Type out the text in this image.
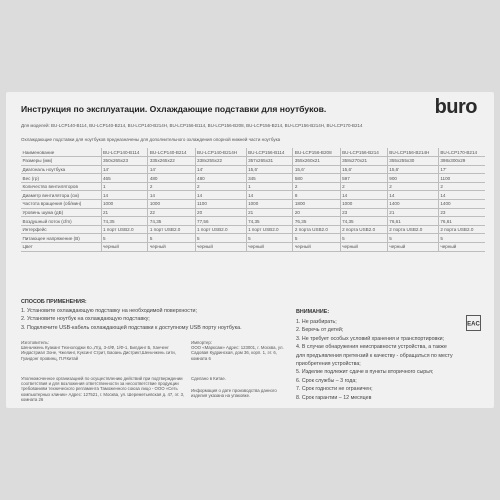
Инструкция по эксплуатации. Охлаждающие подставки для ноутбуков.	buro
Для моделей: BU-LCP140-B114, BU-LCP140-B214, BU-LCP140-B214H, BU-LCP156-B114, BU-LCP156-B208, BU-LCP156-B214, BU-LCP156-B214H, BU-LCP170-B214
Охлаждающие подставки для ноутбуков предназначены для дополнительного охлаждения опорной нижней части ноутбука
Наименование	BU-LCP140-B114	BU-LCP140-B214	BU-LCP140-B214H	BU-LCP156-B114	BU-LCP156-B208	BU-LCP156-B214	BU-LCP156-B214H	BU-LCP170-B214
Размеры (мм)	350x265x23	335x265x22	338x255x22	357x265x31	355x260x21	358x270x21	355x255x30	398x300x29
Диагональ ноутбука	14'	14'	14'	15,6'	15,6'	15,6'	15,6'	17'
Вес (гр)	465	480	480	345	580	597	900	1100
Количество вентиляторов	1	2	2	1	2	2	2	2
Диаметр вентилятора (см)	14	14	14	14	8	14	14	14
Частота вращения (об/мин)	1000	1000	1100	1000	1800	1000	1400	1400
Уровень шума (дБ)	21	22	20	21	20	23	21	23
Воздушный поток (cfm)	74,35	74,35	77,56	74,35	76,35	74,35	76,61	76,61
Интерфейс	1 порт USB2.0	1 порт USB2.0	1 порт USB2.0	1 порт USB2.0	2 порта USB2.0	2 порта USB2.0	2 порта USB2.0	2 порта USB2.0
Питающее напряжение (В)	5	5	5	5	5	5	5	5
Цвет	черный	черный	черный	черный	черный	черный	черный	черный
СПОСОБ ПРИМЕНЕНИЯ:
1. Установите охлаждающую подставку на необходимой поверхности;
2. Установите ноутбук на охлаждающую подставку;
3. Подключите USB-кабель охлаждающей подставки к доступному USB порту ноутбука.
Изготовитель:
Шеньчжень Куаканг Технолоджи Ко.,Лтд. 3-4/Ф, 1/Ф-1, Билдинг Б, Ханченг Индастриал Зоне, Чжелинг, Куксинг Стрит, Баоань Дистрикт,Шеньчжень сити, Гуандонг провинц, П.Р.Китай
Импортер:
ООО «Марксам» Адрес: 123001, г. Москва, ул. Садовая Кудринская, дом 36, корп. 1, эт. 6, комната 6
Уполномоченное организацией по осуществлению действий при подтверждении соответствия и для возложения ответственности за несоответствие продукции требованиям технического регламента Таможенного союза лицо - ООО «Сеть компьютерных клиник» Адрес: 127521, г. Москва, ул. Шереметьевская д. 47, эт. 3, комната 26
Сделано в Китае.
Информация о дате производства данного изделия указана на упаковке.
ВНИМАНИЕ:
1. Не разбирать;
2. Беречь от детей;
3. Не требует особых условий хранения и транспортировки;
4. В случае обнаружения неисправности устройства, а также для предъявления претензий к качеству - обращаться по месту приобретения устройства;
5. Изделие подлежит сдаче в пункты вторичного сырья;
6. Срок службы – 3 года;
7. Срок годности не ограничен;
8. Срок гарантии – 12 месяцев
EAC
